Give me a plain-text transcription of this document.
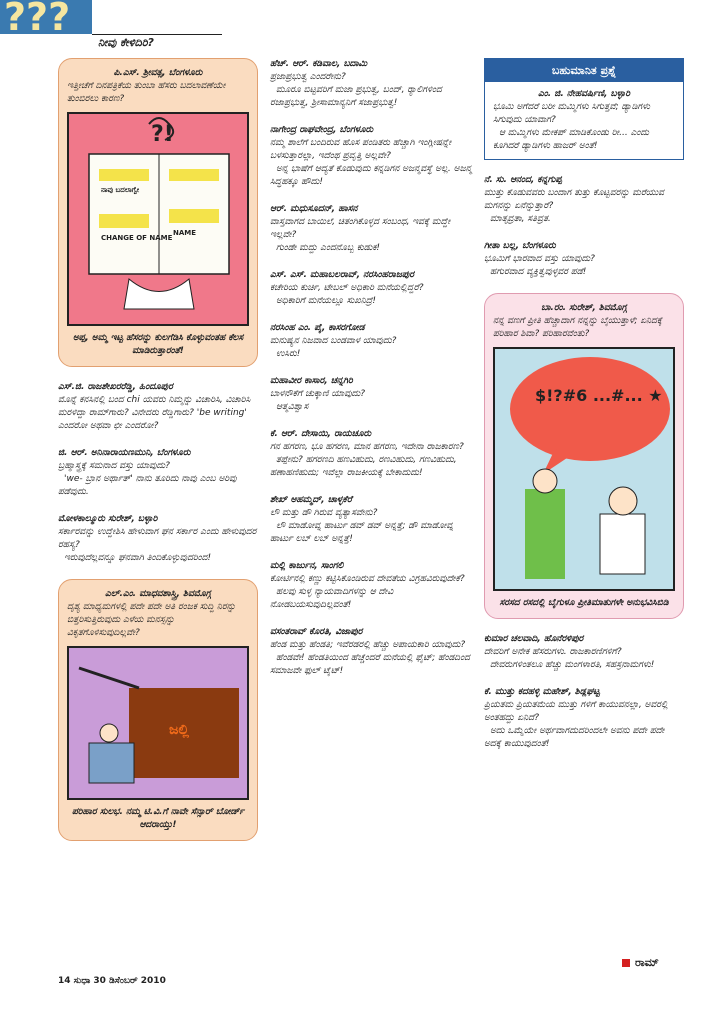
???
ನೀವು ಕೇಳಿದಿರಿ?
ಪಿ.ಎಸ್. ಶ್ರೀವತ್ಸ, ಬೆಂಗಳೂರು
ಇತ್ತೀಚೆಗೆ ದಿನಪತ್ರಿಕೆಯ ತುಂಬಾ ಹೆಸರು ಬದಲಾವಣೆಯೇ ತುಂಬಿರಲು ಕಾರಣ?
?!
ನಾವು ಬದಲಾಗ್ವೇ
CHANGE OF NAME
NAME
ಅಪ್ಪ, ಅಮ್ಮ ಇಟ್ಟ ಹೆಸರನ್ನು ಕುಲಗೆಡಿಸಿ ಕೊಳ್ಳುವಂತಹ ಕೆಲಸ ಮಾಡಿರುತ್ತಾರಂತೆ!
ಎಸ್.ಜಿ. ರಾಜಶೇಖರರೆಡ್ಡಿ, ಹಿಂದೂಪುರ
ಮೊನ್ನೆ ಕನಸಿನಲ್ಲಿ ಬಂದ chi ಯವರು ನಿಮ್ಮನ್ನು ವಿಚಾರಿಸಿ, ವಿಚಾರಿಸಿ ಮರಳಿದ್ದಾ ರಾಮ್‌ಗಾರು? ವಿನೇದರು ರೆಡ್ಡಿಗಾರು? 'be writing' ಎಂದರೋ ಅಥವಾ ಛೀ ಎಂದರೋ?
ಜಿ. ಆರ್. ಅನಿನಾರಾಯಣಮುನಿ, ಬೆಂಗಳೂರು
ಬ್ರಹ್ಮಾಸ್ತ್ರಕ್ಕೆ ಸಮನಾದ ವಸ್ತು ಯಾವುದು?
'we- ಬ್ರಾನ ಅರ್ಥಾತ್' ನಾನು ತೂರಿದು ನಾವು ಎಂಬ ಅರಿವು ಪಡೆವುದು.
ಮೋಳಕಾಲ್ಮೂರು ಸುರೇಶ್, ಬಳ್ಳಾರಿ
ಸರ್ಕಾರವನ್ನು ಉದ್ದೇಶಿಸಿ ಹೇಳುವಾಗ ಘನ ಸರ್ಕಾರ ಎಂದು ಹೇಳುವುದರ ರಹಸ್ಯ?
ಇರುವುದೆಲ್ಲವನ್ನೂ ಘನವಾಗಿ ತಿಂದಿಕೊಳ್ಳುವುದರಿಂದ!
ಎಲ್.ಎಂ. ಮಾಧವಶಾಸ್ತ್ರಿ, ಶಿವಮೊಗ್ಗ
ದೃಶ್ಯ ಮಾಧ್ಯಮಗಳಲ್ಲಿ ಪದೇ ಪದೇ ಅತಿ ರಂಜಕ ಸುದ್ದಿ ನಿರನ್ನು ಬಿತ್ತರಿಸುತ್ತಿರುವುದು ಎಳೆಯ ಮನಸ್ಸನ್ನು ವಿಕೃತಗೊಳಿಸುವುದಿಲ್ಲವೇ?
ಜಲ್ಲಿ
ಪರಿಹಾರ ಸುಲಭ. ನಮ್ಮ ಟಿ.ವಿ.ಗೆ ನಾವೇ ಸೆನ್ಸಾರ್ ಬೋರ್ಡ್ ಆದರಾಯ್ತು!
ಹೆಚ್. ಆರ್. ಕಡಿವಾಲ, ಬದಾಮಿ
ಪ್ರಜಾಪ್ರಭುತ್ವ ಎಂದರೇನು?
ಮೂರೂ ಬಿಟ್ಟವರಿಗೆ ಮಜಾ ಪ್ರಭುತ್ವ, ಬಂದ್, ರ‍್ಯಾಲಿಗಳಿಂದ ರಜಾಪ್ರಭುತ್ವ, ಶ್ರೀಸಾಮಾನ್ಯನಿಗೆ ಸಜಾಪ್ರಭುತ್ವ!
ನಾಗೇಂದ್ರ ರಾಘವೇಂದ್ರ, ಬೆಂಗಳೂರು
ನಮ್ಮ ಶಾಲೆಗೆ ಬಂದಿರುವ ಹೊಸ ಪಂಡಿತರು ಹೆಚ್ಚಾಗಿ ಇಂಗ್ಲೀಷನ್ನೇ ಬಳಸುತ್ತಾರಲ್ಲಾ, ಇದೆಂಥ ಪ್ರವೃತ್ತಿ ಅಲ್ಲವೇ?
ಅನ್ನ ಭಾಷೆಗೆ ಆದ್ಯತೆ ಕೊಡುವುದು ಕನ್ನಡಿಗನ ಅಜನ್ಮವಸ್ಥೆ ಅಲ್ಲ. ಅಜನ್ಮ ಸಿದ್ಧಹಕ್ಕೂ ಹೌದು!
ಆರ್. ಮಧುಸೂದನ್, ಹಾಸನ
ವಾಸ್ತವಾಗದ ಬಾಯಿಲೆ, ಚಿತಂಗಿಕೊಳ್ಳದ ಸಂಬಂಧ, ಇವಕ್ಕೆ ಮದ್ದೇ ಇಲ್ಲವೇ?
ಗುಂಡೇ ಮದ್ದು ಎಂದನೊಬ್ಬ ಕುಡುಕ!
ಎಸ್. ಎಸ್. ಮಹಾಬಲರಾವ್, ನರಸಿಂಹರಾಜಪುರ
ಕಚೇರಿಯ ಕುರ್ಚಿ, ಟೇಬಲ್ ಅಧಿಕಾರಿ ಮನೆಯಲ್ಲಿದ್ದರೆ?
ಅಧಿಕಾರಿಗೆ ಮನೆಯಲ್ಲೂ ಸುಖನಿದ್ರೆ!
ನರಸಿಂಹ ಎಂ. ಪೈ, ಕಾಸರಗೋಡ
ಮನುಷ್ಯನ ನಿಜವಾದ ಬಂಡವಾಳ ಯಾವುದು?
ಉಸಿರು!
ಮಹಾವೀರ ಕಾಸಾರ, ಚನ್ನಗಿರಿ
ಬಾಳನೌಕೆಗೆ ಚುಕ್ಕಾಣಿ ಯಾವುದು?
ಆತ್ಮವಿಶ್ವಾಸ
ಕೆ. ಆರ್. ದೇಸಾಯಿ, ರಾಯಚೂರು
ಗನ ಹಗರಣ, ಭೂ ಹಗರಣ, ಮಾನ ಹಗರಣ, ಇದೇನಾ ರಾಜಕಾರಣ?
ತಪ್ಪೇನು? ಹಗರಣದಿ ಹಣವಿಹುದು, ರಣವಿಹುದು, ಗಣವಿಹುದು, ಹಣಾಹಣಿಹುದು; ಇವೆಲ್ಲಾ ರಾಜಕೀಯಕ್ಕೆ ಬೇಕಾದುದು!
ಶೇಖ್ ಅಹಮ್ಮದ್, ಚಾಳ್ಳಕೆರೆ
ಲೌ ಮತ್ತು ಡೌ ಗಿರುವ ವ್ಯತ್ಯಾಸವೇನು?
ಲೌ ಮಾಡೋವ್ನ ಹಾರ್ಟು ಡವ್ ಡವ್ ಅನ್ನತ್ತೆ; ಡೌ ಮಾಡೋವ್ನ ಹಾರ್ಟು ಲಬ್ ಲಬ್ ಅನ್ನತ್ತೆ!
ಮಲ್ಲಿ ಕಾರ್ಜುನ, ಸಾಂಗಲಿ
ಕೋರ್ಟಿನಲ್ಲಿ ಕಣ್ಣು ಕಟ್ಟಿಸಿಕೊಂಡಿರುವ ದೇವತೆಯ ವಿಗ್ರಹವಿರುವುದೇಕೆ?
ಹಲವು ಸುಳ್ಳ ನ್ಯಾಯವಾದಿಗಳನ್ನು ಆ ದೇವಿ ನೋಡಬಯಸುವುದಿಲ್ಲವಂತೆ!
ವಸಂತರಾವ್ ಕೊರತಿ, ವಿಜಾಪುರ
ಹೆಂಡ ಮತ್ತು ಹೆಂಡತಿ; ಇವೆರಡರಲ್ಲಿ ಹೆಚ್ಚು ಅಪಾಯಕಾರಿ ಯಾವುದು?
ಹೆಂಡವೇ! ಹೆಂಡತಿಯಿಂದ ಹೆಚ್ಚೆಂದರೆ ಮನೆಯಲ್ಲಿ ಫೈಟ್; ಹೆಂಡದಿಂದ ಸಮಾಜವೇ ಫುಲ್ ಟೈಟ್!
ಬಹುಮಾನಿತ ಪ್ರಶ್ನೆ
ಎಂ. ಜಿ. ನೇಹವರ್ಷಿಣಿ, ಬಳ್ಳಾರಿ
ಭೂಮಿ ಅಗೆದರೆ ಬರೀ ಮಮ್ಮಿಗಳು ಸಿಗುತ್ತವೆ; ಡ್ಯಾಡಿಗಳು ಸಿಗುವುದು ಯಾವಾಗ?
ಆ ಮಮ್ಮಿಗಳು ಮೇಕಪ್ ಮಾಡಿಕೊಂಡು ರೀ... ಎಂದು ಕೂಗಿದರೆ ಡ್ಯಾಡಿಗಳು ಹಾಜರ್ ಅಂತೆ!
ನೆ. ಸು. ಆನಂದ, ಕನ್ನಗುಪ್ಪ
ಮುತ್ತು ಕೊಡುವವರು ಬಂದಾಗ ತುತ್ತು ಕೊಟ್ಟವರನ್ನು ಮರೆಯುವ ಮಗನನ್ನು ಏನೆನ್ನುತ್ತಾರೆ?
ಮಾತೃವ್ರತಾ, ಸತಿವ್ರತ.
ಗೀತಾ ಬಲ್ಲ, ಬೆಂಗಳೂರು
ಭೂಮಿಗೆ ಭಾರವಾದ ವಸ್ತು ಯಾವುದು?
ಹಗುರವಾದ ವ್ಯಕ್ತಿತ್ವವುಳ್ಳವರ ಪಡೆ!
ಬಾ.ರಂ. ಸುರೇಶ್, ಶಿವಮೊಗ್ಗ
ನನ್ನ ವಣಗೆ ಪ್ರೀತಿ ಹೆಚ್ಚಾದಾಗ ನನ್ನನ್ನು ಬೈಯುತ್ತಾಳೆ; ಏನಿದಕ್ಕೆ ಪರಿಹಾರ ಶಿವಾ? ಪರಿಹಾರವೆಂತು?
$!?#6 ...#... ★
ಸರಸದ ರಸದಲ್ಲಿ ಬೈಗುಳೂ ಪ್ರೀತಿಮಾತುಗಳೇ ಅನುಭವಿಸಿಬಿಡಿ
ಕುಮಾರ ಚಲವಾದಿ, ಹೊನೆರಳಿಪುರ
ದೇವರಿಗೆ ಅನೇಕ ಹೆಸರುಗಳು. ರಾಜಕಾರಣಿಗಳಿಗೆ?
ದೇವರುಗಳಿಂತಲೂ ಹೆಚ್ಚು ಮಂಗಳಾರತಿ, ಸಹಸ್ರನಾಮಗಳು!
ಕೆ. ಮುತ್ತು ಕದಹಳ್ಳಿ ಮಹೇಶ್, ಶಿಡ್ಲಘಟ್ಟ
ಪ್ರಿಯತಮ ಪ್ರಿಯತಮೆಯ ಮುತ್ತು ಗಳಿಗೆ ಕಾಯುವನಲ್ಲಾ, ಅವರಲ್ಲಿ ಅಂತಹದ್ದು ಏನಿದೆ?
ಅದು ಒಮ್ಮೆಯೇ ಅರ್ಥವಾಗದುದರಿಂದಲೇ ಅವನು ಪದೇ ಪದೇ ಅದಕ್ಕೆ ಕಾಯುವುದಂತೆ!
ರಾಮ್
14 ಸುಧಾ 30 ಡಿಸೆಂಬರ್ 2010
